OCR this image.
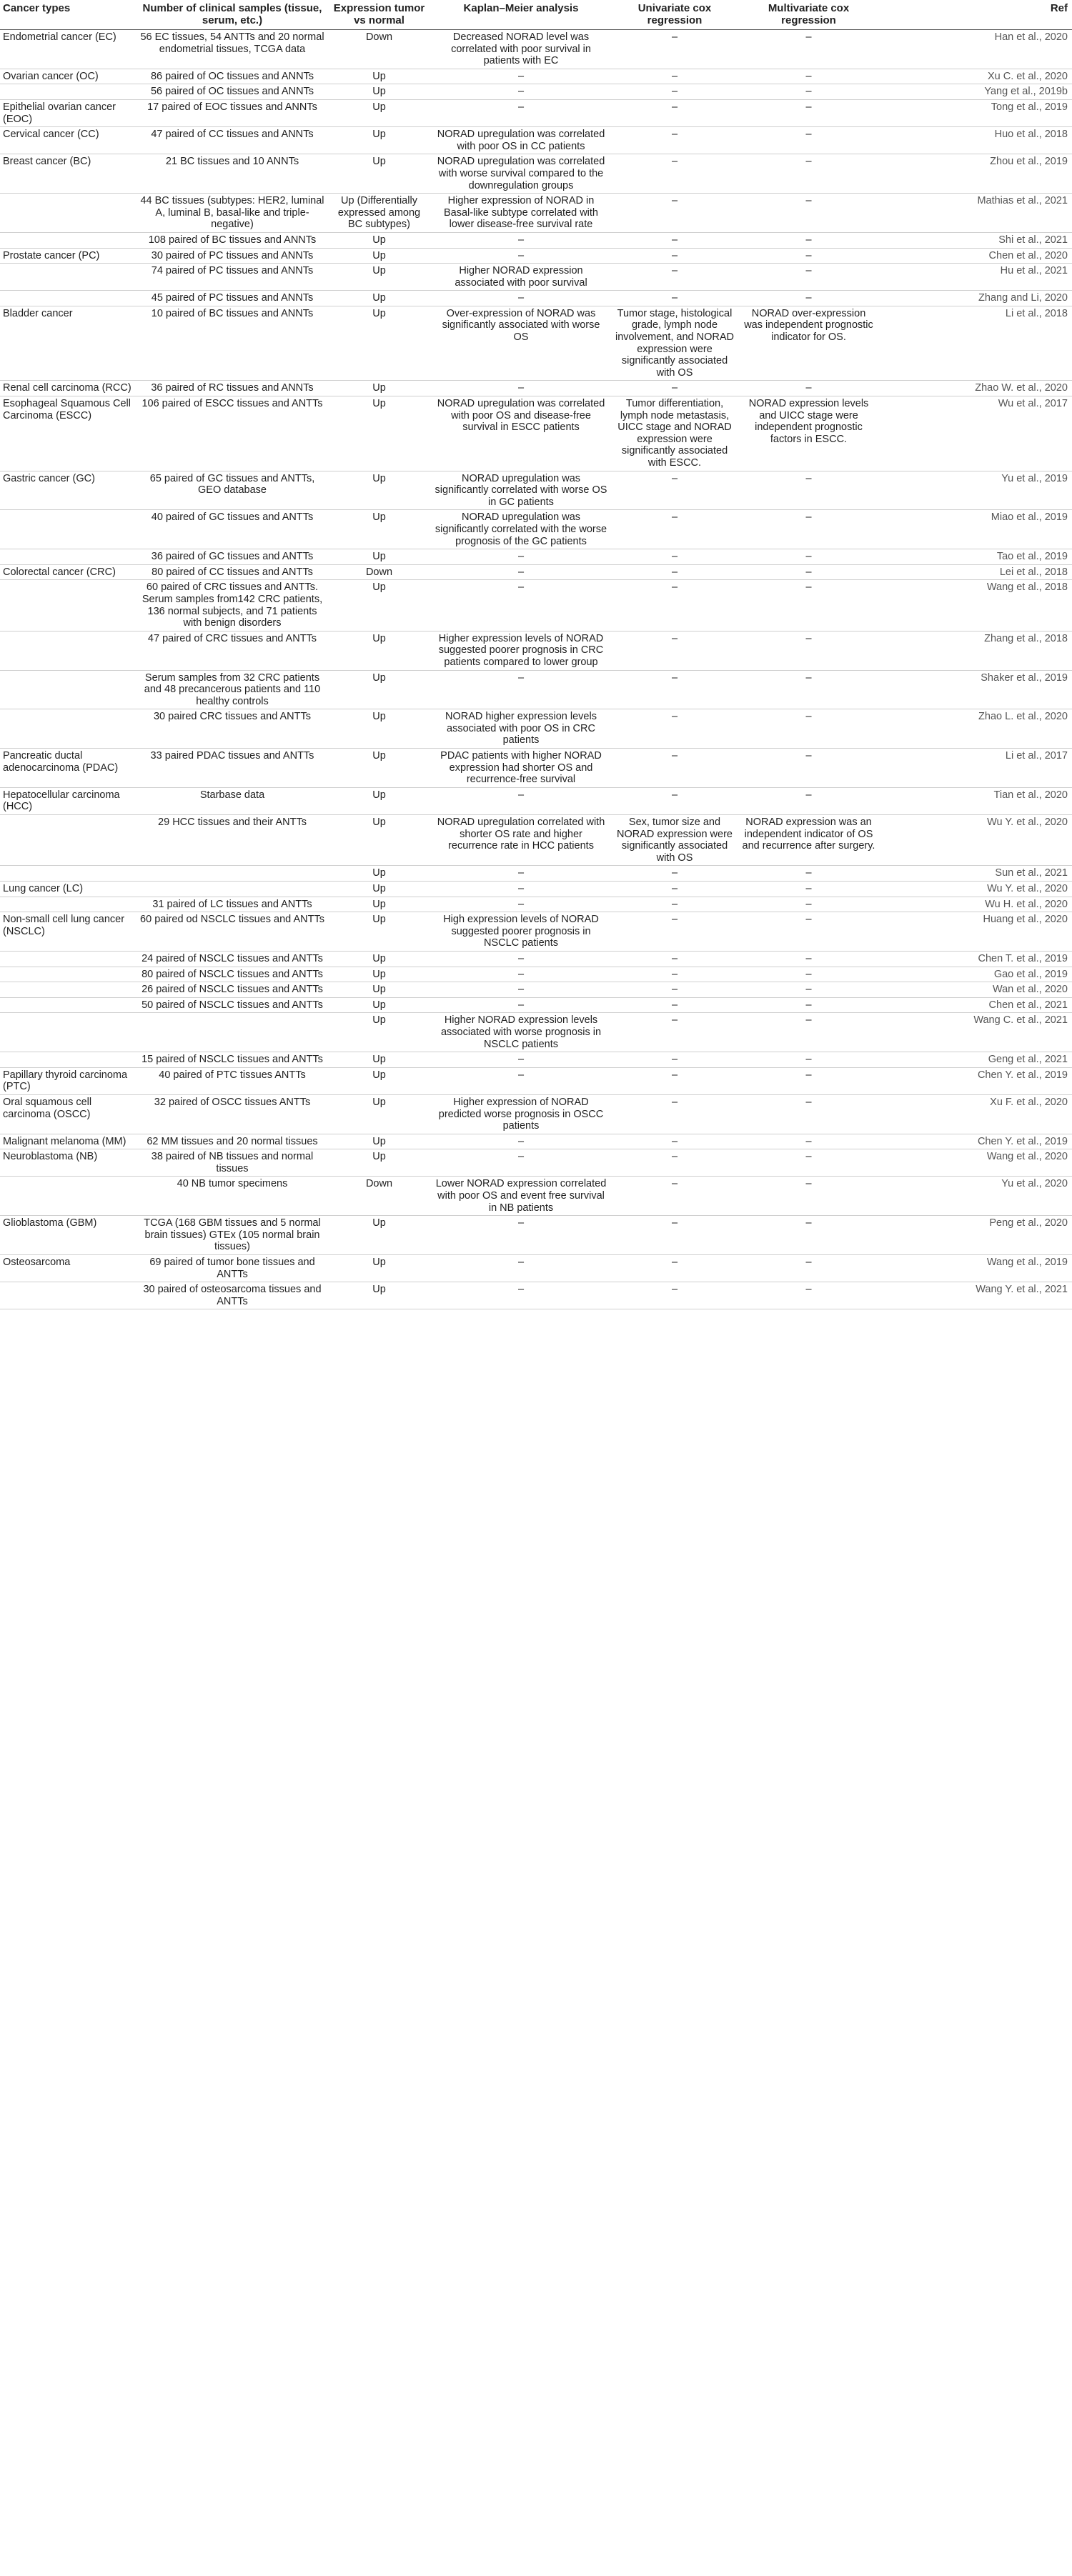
Cancer types	Number of clinical samples (tissue, serum, etc.)	Expression tumor vs normal	Kaplan–Meier analysis	Univariate cox regression	Multivariate cox regression	Ref
Endometrial cancer (EC)	56 EC tissues, 54 ANTTs and 20 normal endometrial tissues, TCGA data	Down	Decreased NORAD level was correlated with poor survival in patients with EC	–	–	Han et al., 2020
Ovarian cancer (OC)	86 paired of OC tissues and ANNTs	Up	–	–	–	Xu C. et al., 2020
	56 paired of OC tissues and ANNTs	Up	–	–	–	Yang et al., 2019b
Epithelial ovarian cancer (EOC)	17 paired of EOC tissues and ANNTs	Up	–	–	–	Tong et al., 2019
Cervical cancer (CC)	47 paired of CC tissues and ANNTs	Up	NORAD upregulation was correlated with poor OS in CC patients	–	–	Huo et al., 2018
Breast cancer (BC)	21 BC tissues and 10 ANNTs	Up	NORAD upregulation was correlated with worse survival compared to the downregulation groups	–	–	Zhou et al., 2019
	44 BC tissues (subtypes: HER2, luminal A, luminal B, basal-like and triple-negative)	Up (Differentially expressed among BC subtypes)	Higher expression of NORAD in Basal-like subtype correlated with lower disease-free survival rate	–	–	Mathias et al., 2021
	108 paired of BC tissues and ANNTs	Up	–	–	–	Shi et al., 2021
Prostate cancer (PC)	30 paired of PC tissues and ANNTs	Up	–	–	–	Chen et al., 2020
	74 paired of PC tissues and ANNTs	Up	Higher NORAD expression associated with poor survival	–	–	Hu et al., 2021
	45 paired of PC tissues and ANNTs	Up	–	–	–	Zhang and Li, 2020
Bladder cancer	10 paired of BC tissues and ANNTs	Up	Over-expression of NORAD was significantly associated with worse OS	Tumor stage, histological grade, lymph node involvement, and NORAD expression were significantly associated with OS	NORAD over-expression was independent prognostic indicator for OS.	Li et al., 2018
Renal cell carcinoma (RCC)	36 paired of RC tissues and ANNTs	Up	–	–	–	Zhao W. et al., 2020
Esophageal Squamous Cell Carcinoma (ESCC)	106 paired of ESCC tissues and ANTTs	Up	NORAD upregulation was correlated with poor OS and disease-free survival in ESCC patients	Tumor differentiation, lymph node metastasis, UICC stage and NORAD expression were significantly associated with ESCC.	NORAD expression levels and UICC stage were independent prognostic factors in ESCC.	Wu et al., 2017
Gastric cancer (GC)	65 paired of GC tissues and ANTTs, GEO database	Up	NORAD upregulation was significantly correlated with worse OS in GC patients	–	–	Yu et al., 2019
	40 paired of GC tissues and ANTTs	Up	NORAD upregulation was significantly correlated with the worse prognosis of the GC patients	–	–	Miao et al., 2019
	36 paired of GC tissues and ANTTs	Up	–	–	–	Tao et al., 2019
Colorectal cancer (CRC)	80 paired of CC tissues and ANTTs	Down	–	–	–	Lei et al., 2018
	60 paired of CRC tissues and ANTTs. Serum samples from142 CRC patients, 136 normal subjects, and 71 patients with benign disorders	Up	–	–	–	Wang et al., 2018
	47 paired of CRC tissues and ANTTs	Up	Higher expression levels of NORAD suggested poorer prognosis in CRC patients compared to lower group	–	–	Zhang et al., 2018
	Serum samples from 32 CRC patients and 48 precancerous patients and 110 healthy controls	Up	–	–	–	Shaker et al., 2019
	30 paired CRC tissues and ANTTs	Up	NORAD higher expression levels associated with poor OS in CRC patients	–	–	Zhao L. et al., 2020
Pancreatic ductal adenocarcinoma (PDAC)	33 paired PDAC tissues and ANTTs	Up	PDAC patients with higher NORAD expression had shorter OS and recurrence-free survival	–	–	Li et al., 2017
Hepatocellular carcinoma (HCC)	Starbase data	Up	–	–	–	Tian et al., 2020
	29 HCC tissues and their ANTTs	Up	NORAD upregulation correlated with shorter OS rate and higher recurrence rate in HCC patients	Sex, tumor size and NORAD expression were significantly associated with OS	NORAD expression was an independent indicator of OS and recurrence after surgery.	Wu Y. et al., 2020
		Up	–	–	–	Sun et al., 2021
Lung cancer (LC)		Up	–	–	–	Wu Y. et al., 2020
	31 paired of LC tissues and ANTTs	Up	–	–	–	Wu H. et al., 2020
Non-small cell lung cancer (NSCLC)	60 paired od NSCLC tissues and ANTTs	Up	High expression levels of NORAD suggested poorer prognosis in NSCLC patients	–	–	Huang et al., 2020
	24 paired of NSCLC tissues and ANTTs	Up	–	–	–	Chen T. et al., 2019
	80 paired of NSCLC tissues and ANTTs	Up	–	–	–	Gao et al., 2019
	26 paired of NSCLC tissues and ANTTs	Up	–	–	–	Wan et al., 2020
	50 paired of NSCLC tissues and ANTTs	Up	–	–	–	Chen et al., 2021
		Up	Higher NORAD expression levels associated with worse prognosis in NSCLC patients	–	–	Wang C. et al., 2021
	15 paired of NSCLC tissues and ANTTs	Up	–	–	–	Geng et al., 2021
Papillary thyroid carcinoma (PTC)	40 paired of PTC tissues ANTTs	Up	–	–	–	Chen Y. et al., 2019
Oral squamous cell carcinoma (OSCC)	32 paired of OSCC tissues ANTTs	Up	Higher expression of NORAD predicted worse prognosis in OSCC patients	–	–	Xu F. et al., 2020
Malignant melanoma (MM)	62 MM tissues and 20 normal tissues	Up	–	–	–	Chen Y. et al., 2019
Neuroblastoma (NB)	38 paired of NB tissues and normal tissues	Up	–	–	–	Wang et al., 2020
	40 NB tumor specimens	Down	Lower NORAD expression correlated with poor OS and event free survival in NB patients	–	–	Yu et al., 2020
Glioblastoma (GBM)	TCGA (168 GBM tissues and 5 normal brain tissues) GTEx (105 normal brain tissues)	Up	–	–	–	Peng et al., 2020
Osteosarcoma	69 paired of tumor bone tissues and ANTTs	Up	–	–	–	Wang et al., 2019
	30 paired of osteosarcoma tissues and ANTTs	Up	–	–	–	Wang Y. et al., 2021
